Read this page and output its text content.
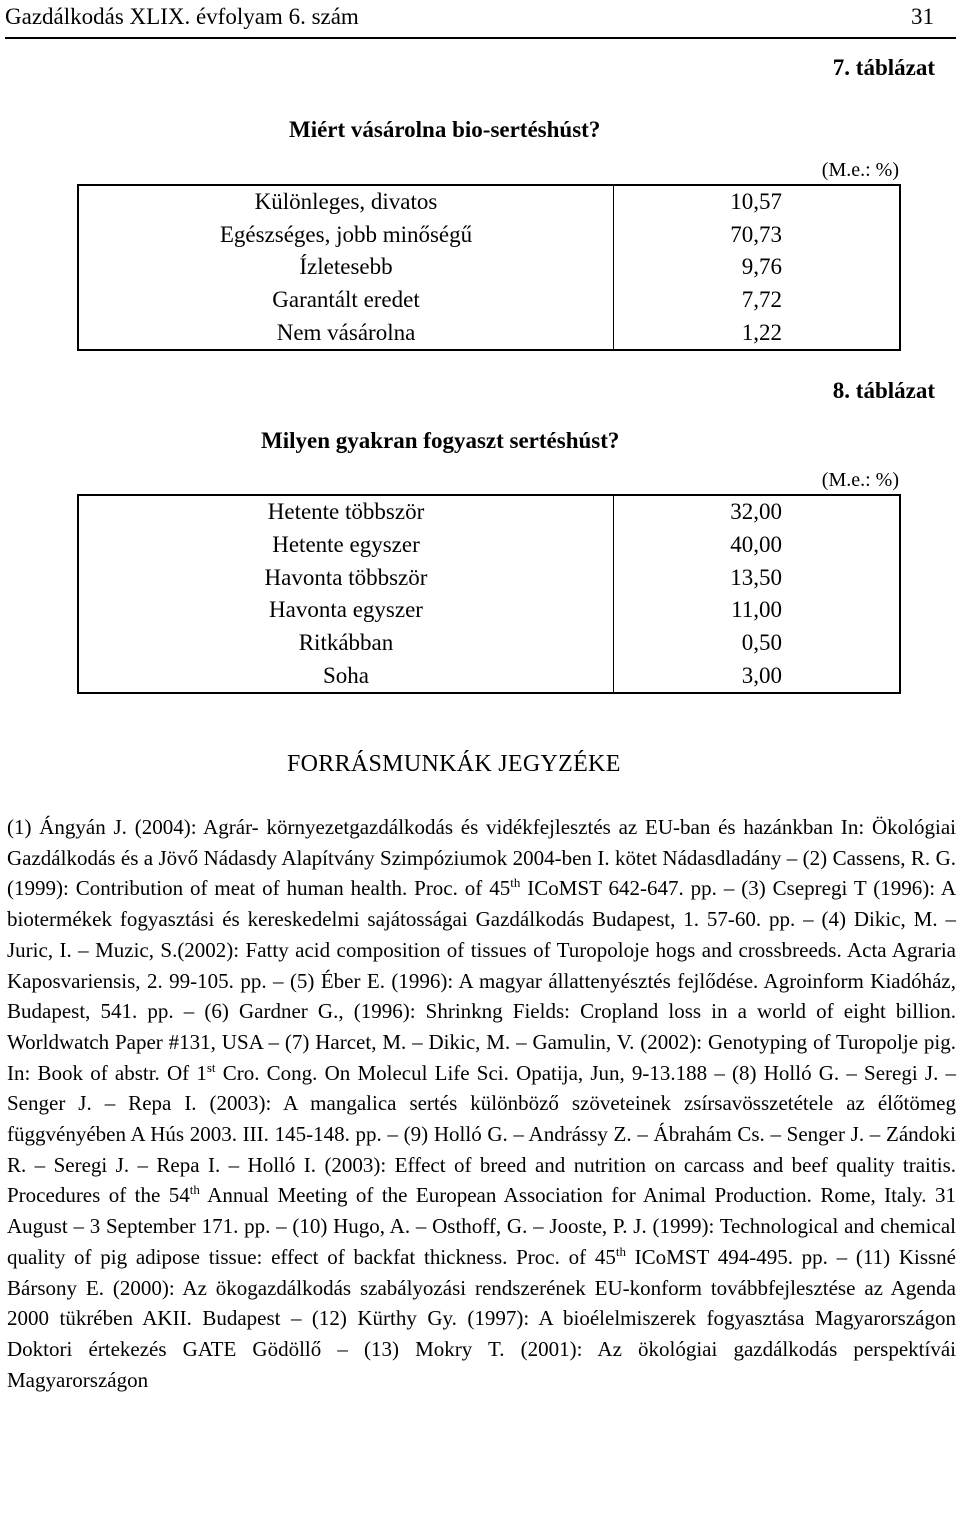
Gazdálkodás XLIX. évfolyam 6. szám	31
7. táblázat
Miért vásárolna bio-sertéshúst?
(M.e.: %)
Különleges, divatos	10,57
Egészséges, jobb minőségű	70,73
Ízletesebb	9,76
Garantált eredet	7,72
Nem vásárolna	1,22
8. táblázat
Milyen gyakran fogyaszt sertéshúst?
(M.e.: %)
Hetente többször	32,00
Hetente egyszer	40,00
Havonta többször	13,50
Havonta egyszer	11,00
Ritkábban	0,50
Soha	3,00
FORRÁSMUNKÁK JEGYZÉKE

(1) Ángyán J. (2004): Agrár- környezetgazdálkodás és vidékfejlesztés az EU-ban és hazánkban In: Ökológiai Gazdálkodás és a Jövő Nádasdy Alapítvány Szimpóziumok 2004-ben I. kötet Nádasdladány – (2) Cassens, R. G. (1999): Contribution of meat of human health. Proc. of 45th ICoMST 642-647. pp. – (3) Csepregi T (1996): A biotermékek fogyasztási és kereskedelmi sajátosságai Gazdálkodás Budapest, 1. 57-60. pp. – (4) Dikic, M. – Juric, I. – Muzic, S.(2002): Fatty acid composition of tissues of Turopoloje hogs and crossbreeds. Acta Agraria Kaposvariensis, 2. 99-105. pp. – (5) Éber E. (1996): A magyar állattenyésztés fejlődése. Agroinform Kiadóház, Budapest, 541. pp. – (6) Gardner G., (1996): Shrinkng Fields: Cropland loss in a world of eight billion. Worldwatch Paper #131, USA – (7) Harcet, M. – Dikic, M. – Gamulin, V. (2002): Genotyping of Turopolje pig. In: Book of abstr. Of 1st Cro. Cong. On Molecul Life Sci. Opatija, Jun, 9-13.188 – (8) Holló G. – Seregi J. – Senger J. – Repa I. (2003): A mangalica sertés különböző szöveteinek zsírsavösszetétele az élőtömeg függvényében A Hús 2003. III. 145-148. pp. – (9) Holló G. – Andrássy Z. – Ábrahám Cs. – Senger J. – Zándoki R. – Seregi J. – Repa I. – Holló I. (2003): Effect of breed and nutrition on carcass and beef quality traitis. Procedures of the 54th Annual Meeting of the European Association for Animal Production. Rome, Italy. 31 August – 3 September 171. pp. – (10) Hugo, A. – Osthoff, G. – Jooste, P. J. (1999): Technological and chemical quality of pig adipose tissue: effect of backfat thickness. Proc. of 45th ICoMST 494-495. pp. – (11) Kissné Bársony E. (2000): Az ökogazdálkodás szabályozási rendszerének EU-konform továbbfejlesztése az Agenda 2000 tükrében AKII. Budapest – (12) Kürthy Gy. (1997): A bioélelmiszerek fogyasztása Magyarországon Doktori értekezés GATE Gödöllő – (13) Mokry T. (2001): Az ökológiai gazdálkodás perspektívái Magyarországon
